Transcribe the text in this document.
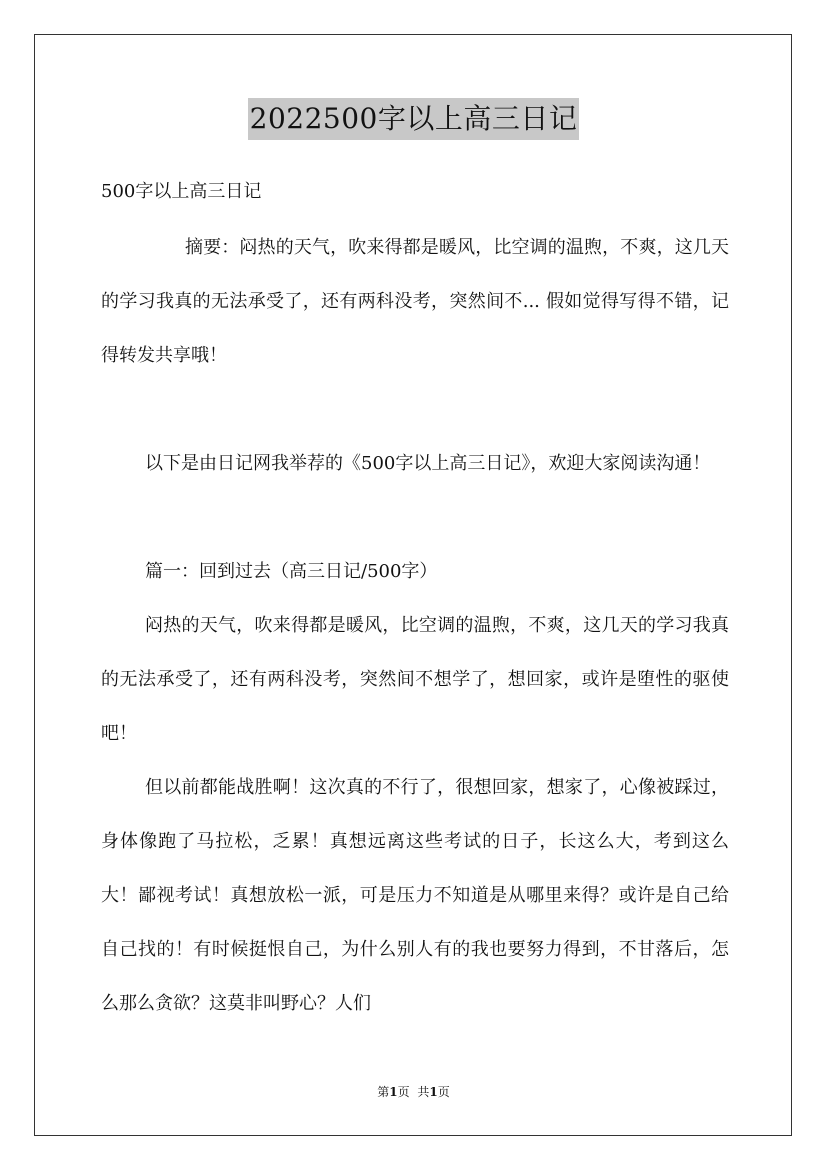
2022500字以上高三日记
500字以上高三日记

摘要：闷热的天气，吹来得都是暖风，比空调的温煦，不爽，这几天的学习我真的无法承受了，还有两科没考，突然间不... 假如觉得写得不错，记得转发共享哦！

以下是由日记网我举荐的《500字以上高三日记》，欢迎大家阅读沟通！

篇一：回到过去（高三日记/500字）

闷热的天气，吹来得都是暖风，比空调的温煦，不爽，这几天的学习我真的无法承受了，还有两科没考，突然间不想学了，想回家，或许是堕性的驱使吧！

但以前都能战胜啊！这次真的不行了，很想回家，想家了，心像被踩过，身体像跑了马拉松，乏累！真想远离这些考试的日子，长这么大，考到这么大！鄙视考试！真想放松一派，可是压力不知道是从哪里来得？或许是自己给自己找的！有时候挺恨自己，为什么别人有的我也要努力得到，不甘落后，怎么那么贪欲？这莫非叫野心？人们

第1页 共1页
